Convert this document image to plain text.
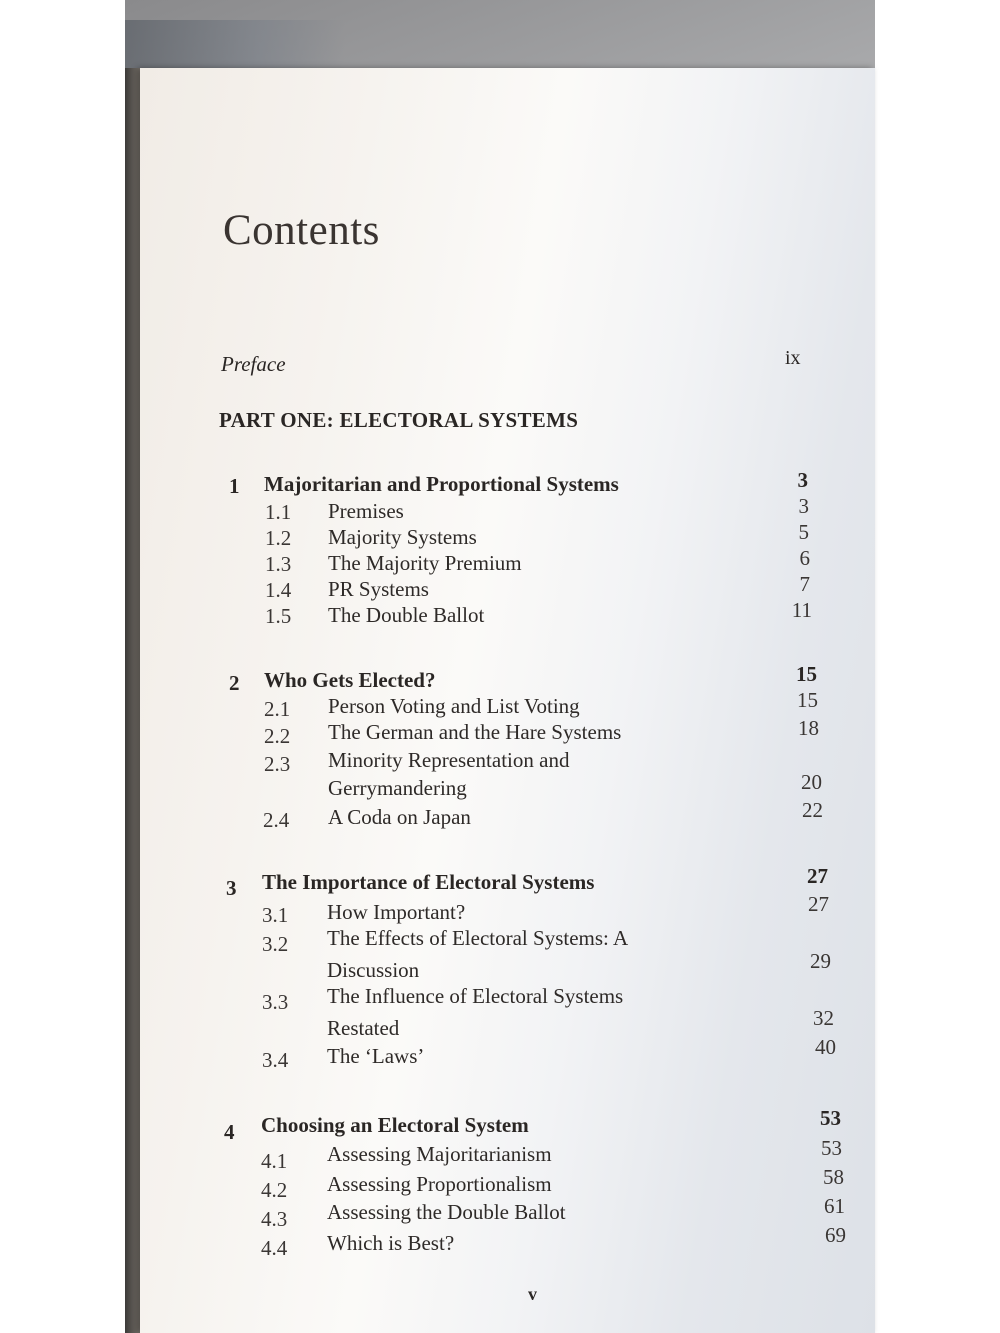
Contents
Preface	ix
PART ONE: ELECTORAL SYSTEMS
1 Majoritarian and Proportional Systems	3
1.1 Premises	3
1.2 Majority Systems	5
1.3 The Majority Premium	6
1.4 PR Systems	7
1.5 The Double Ballot	11
2 Who Gets Elected?	15
2.1 Person Voting and List Voting	15
2.2 The German and the Hare Systems	18
2.3 Minority Representation and
Gerrymandering	20
2.4 A Coda on Japan	22
3 The Importance of Electoral Systems	27
3.1 How Important?	27
3.2 The Effects of Electoral Systems: A
Discussion	29
3.3 The Influence of Electoral Systems
Restated	32
3.4 The ‘Laws’	40
4 Choosing an Electoral System	53
4.1 Assessing Majoritarianism	53
4.2 Assessing Proportionalism	58
4.3 Assessing the Double Ballot	61
4.4 Which is Best?	69
v
